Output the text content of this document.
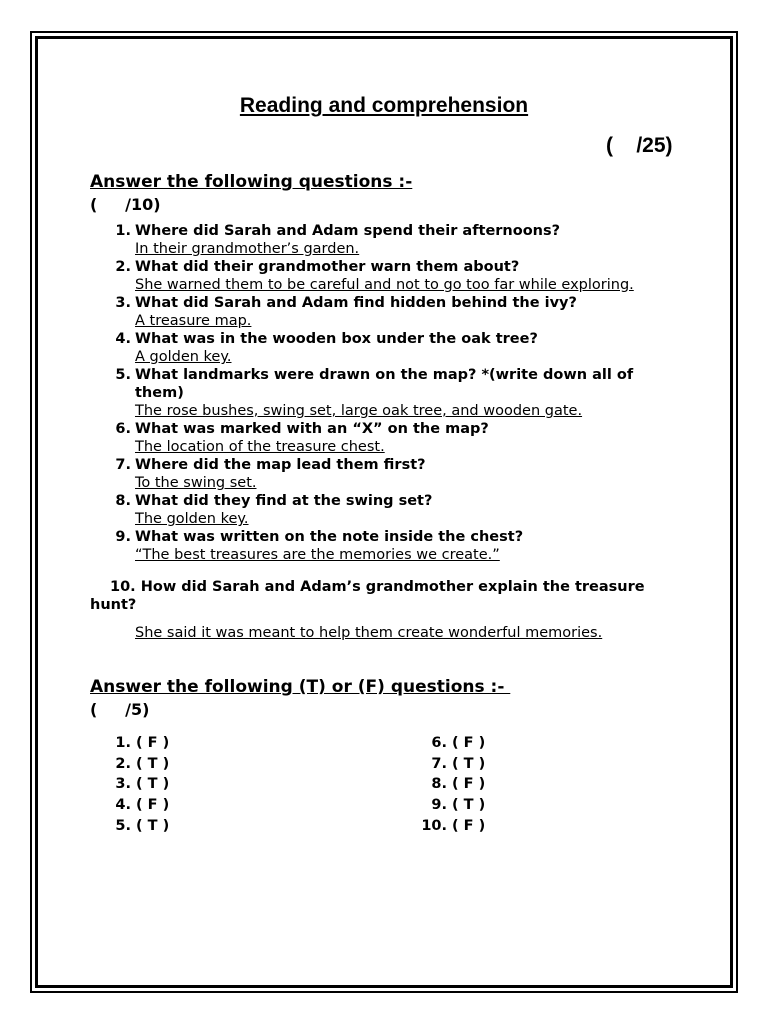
Reading and comprehension
(    /25)
Answer the following questions :-
(     /10)
1. Where did Sarah and Adam spend their afternoons?
In their grandmother’s garden.
2. What did their grandmother warn them about?
She warned them to be careful and not to go too far while exploring.
3. What did Sarah and Adam find hidden behind the ivy?
A treasure map.
4. What was in the wooden box under the oak tree?
A golden key.
5. What landmarks were drawn on the map? *(write down all of them)
The rose bushes, swing set, large oak tree, and wooden gate.
6. What was marked with an “X” on the map?
The location of the treasure chest.
7. Where did the map lead them first?
To the swing set.
8. What did they find at the swing set?
The golden key.
9. What was written on the note inside the chest?
“The best treasures are the memories we create.”
10. How did Sarah and Adam’s grandmother explain the treasure hunt?
She said it was meant to help them create wonderful memories.
Answer the following (T) or (F) questions :-
(     /5)
1. ( F )
2. ( T )
3. ( T )
4. ( F )
5. ( T )
6. ( F )
7. ( T )
8. ( F )
9. ( T )
10. ( F )
